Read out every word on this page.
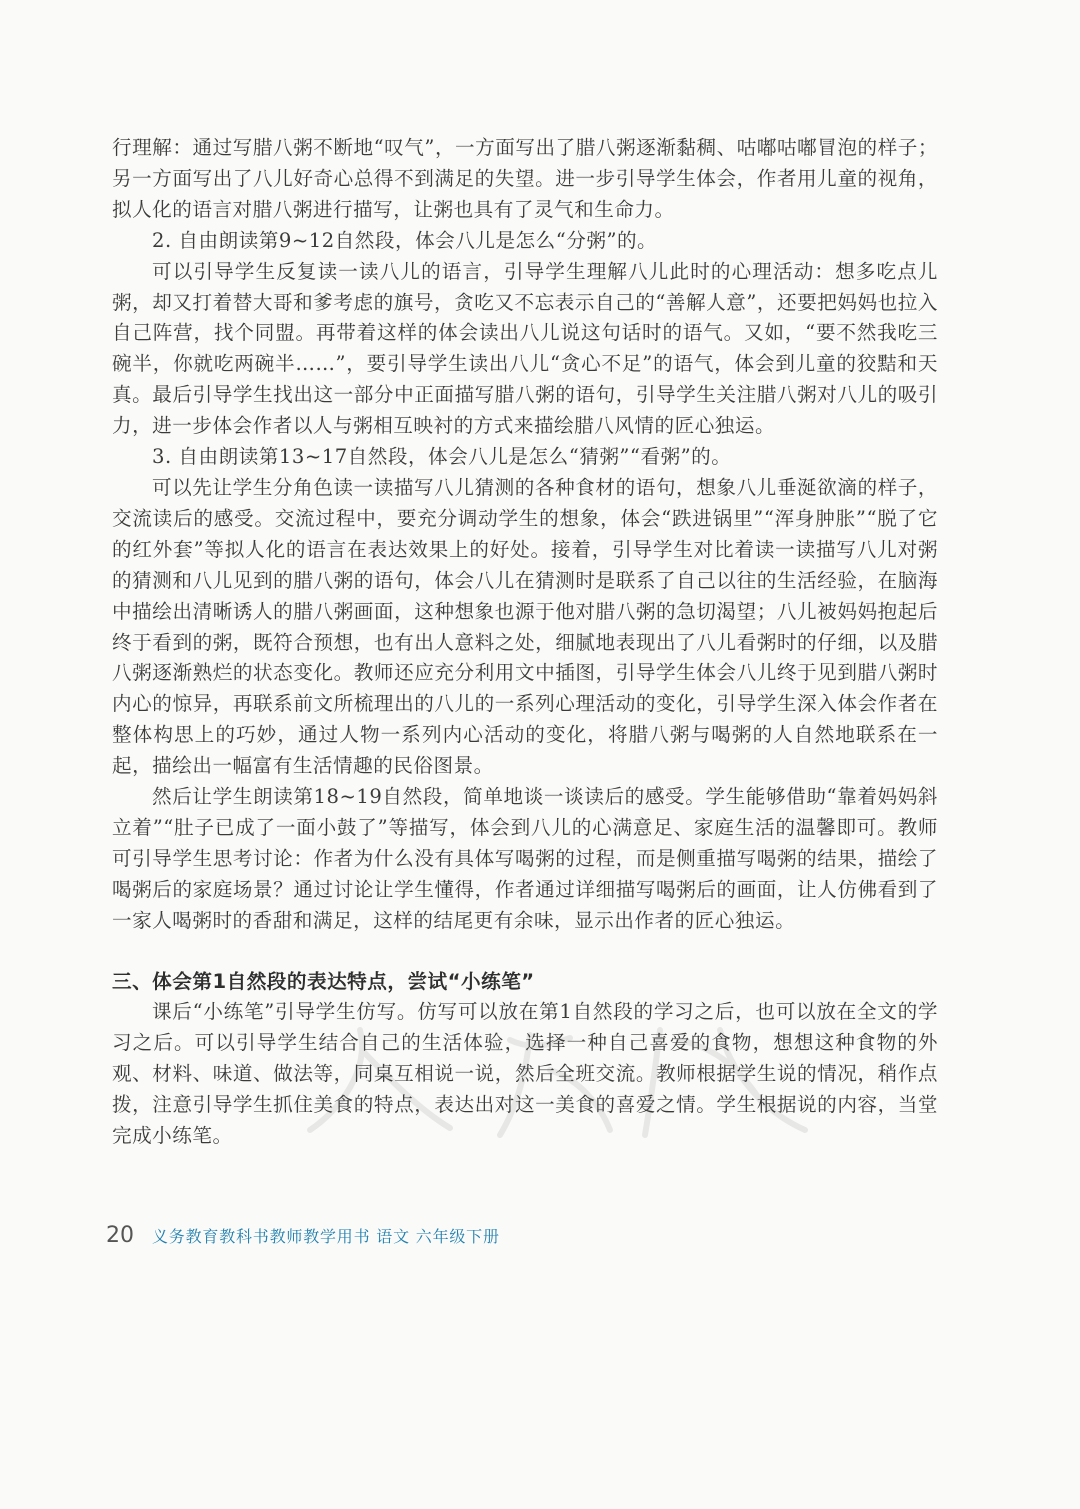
行理解：通过写腊八粥不断地“叹气”，一方面写出了腊八粥逐渐黏稠、咕嘟咕嘟冒泡的样子；另一方面写出了八儿好奇心总得不到满足的失望。进一步引导学生体会，作者用儿童的视角，拟人化的语言对腊八粥进行描写，让粥也具有了灵气和生命力。

2. 自由朗读第9~12自然段，体会八儿是怎么“分粥”的。

可以引导学生反复读一读八儿的语言，引导学生理解八儿此时的心理活动：想多吃点儿粥，却又打着替大哥和爹考虑的旗号，贪吃又不忘表示自己的“善解人意”，还要把妈妈也拉入自己阵营，找个同盟。再带着这样的体会读出八儿说这句话时的语气。又如，“要不然我吃三碗半，你就吃两碗半……”，要引导学生读出八儿“贪心不足”的语气，体会到儿童的狡黠和天真。最后引导学生找出这一部分中正面描写腊八粥的语句，引导学生关注腊八粥对八儿的吸引力，进一步体会作者以人与粥相互映衬的方式来描绘腊八风情的匠心独运。

3. 自由朗读第13~17自然段，体会八儿是怎么“猜粥”“看粥”的。

可以先让学生分角色读一读描写八儿猜测的各种食材的语句，想象八儿垂涎欲滴的样子，交流读后的感受。交流过程中，要充分调动学生的想象，体会“跌进锅里”“浑身肿胀”“脱了它的红外套”等拟人化的语言在表达效果上的好处。接着，引导学生对比着读一读描写八儿对粥的猜测和八儿见到的腊八粥的语句，体会八儿在猜测时是联系了自己以往的生活经验，在脑海中描绘出清晰诱人的腊八粥画面，这种想象也源于他对腊八粥的急切渴望；八儿被妈妈抱起后终于看到的粥，既符合预想，也有出人意料之处，细腻地表现出了八儿看粥时的仔细，以及腊八粥逐渐熟烂的状态变化。教师还应充分利用文中插图，引导学生体会八儿终于见到腊八粥时内心的惊异，再联系前文所梳理出的八儿的一系列心理活动的变化，引导学生深入体会作者在整体构思上的巧妙，通过人物一系列内心活动的变化，将腊八粥与喝粥的人自然地联系在一起，描绘出一幅富有生活情趣的民俗图景。

然后让学生朗读第18~19自然段，简单地谈一谈读后的感受。学生能够借助“靠着妈妈斜立着”“肚子已成了一面小鼓了”等描写，体会到八儿的心满意足、家庭生活的温馨即可。教师可引导学生思考讨论：作者为什么没有具体写喝粥的过程，而是侧重描写喝粥的结果，描绘了喝粥后的家庭场景？通过讨论让学生懂得，作者通过详细描写喝粥后的画面，让人仿佛看到了一家人喝粥时的香甜和满足，这样的结尾更有余味，显示出作者的匠心独运。

三、体会第1自然段的表达特点，尝试“小练笔”

课后“小练笔”引导学生仿写。仿写可以放在第1自然段的学习之后，也可以放在全文的学习之后。可以引导学生结合自己的生活体验，选择一种自己喜爱的食物，想想这种食物的外观、材料、味道、做法等，同桌互相说一说，然后全班交流。教师根据学生说的情况，稍作点拨，注意引导学生抓住美食的特点，表达出对这一美食的喜爱之情。学生根据说的内容，当堂完成小练笔。

20 义务教育教科书教师教学用书 语文 六年级下册
